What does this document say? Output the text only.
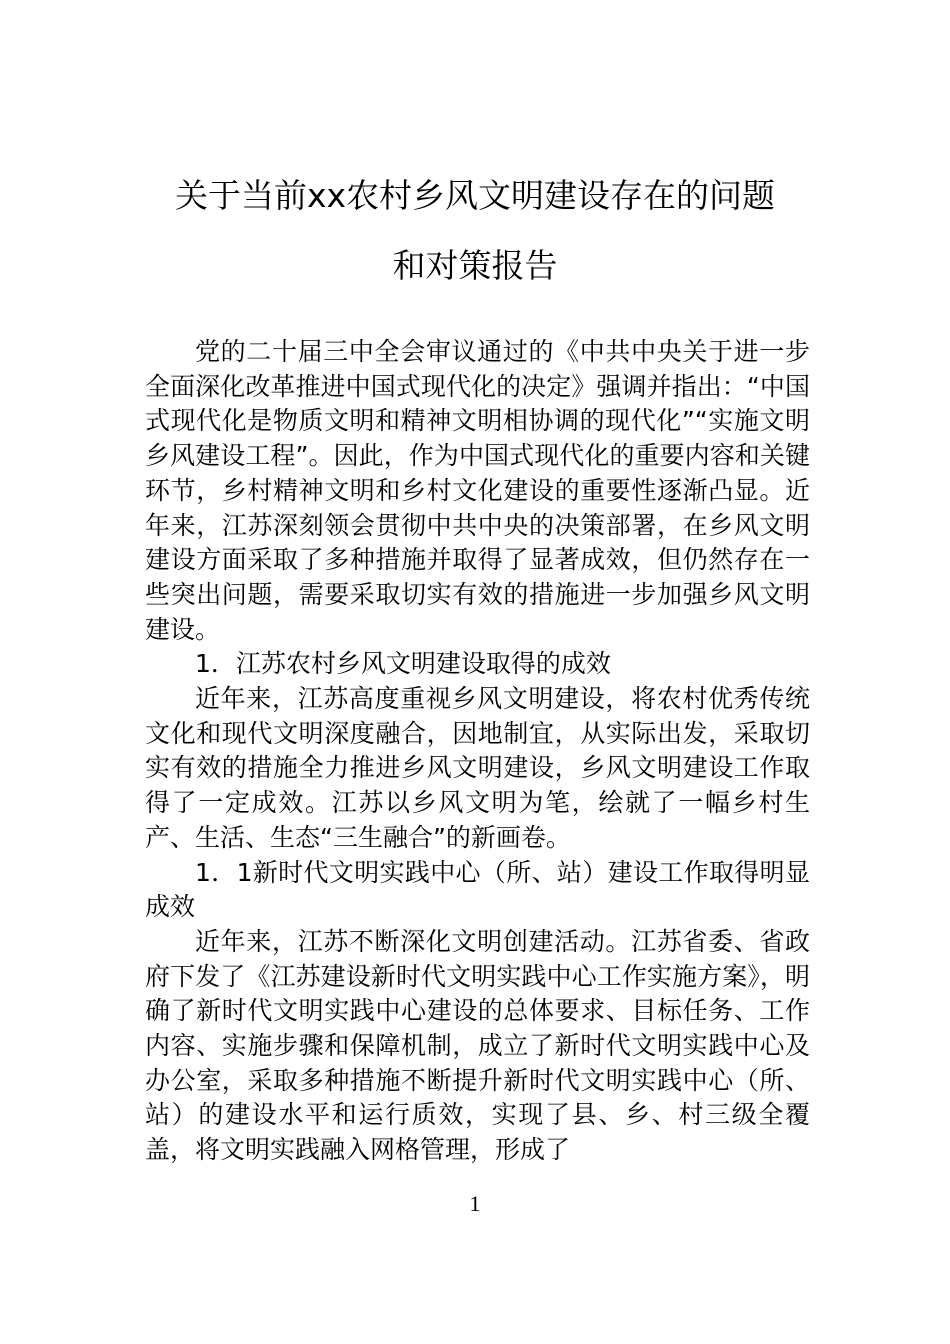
关于当前xx农村乡风文明建设存在的问题
和对策报告

党的二十届三中全会审议通过的《中共中央关于进一步全面深化改革推进中国式现代化的决定》强调并指出：“中国式现代化是物质文明和精神文明相协调的现代化”“实施文明乡风建设工程”。因此，作为中国式现代化的重要内容和关键环节，乡村精神文明和乡村文化建设的重要性逐渐凸显。近年来，江苏深刻领会贯彻中共中央的决策部署，在乡风文明建设方面采取了多种措施并取得了显著成效，但仍然存在一些突出问题，需要采取切实有效的措施进一步加强乡风文明建设。

1．江苏农村乡风文明建设取得的成效

近年来，江苏高度重视乡风文明建设，将农村优秀传统文化和现代文明深度融合，因地制宜，从实际出发，采取切实有效的措施全力推进乡风文明建设，乡风文明建设工作取得了一定成效。江苏以乡风文明为笔，绘就了一幅乡村生产、生活、生态“三生融合”的新画卷。

1．1新时代文明实践中心（所、站）建设工作取得明显成效

近年来，江苏不断深化文明创建活动。江苏省委、省政府下发了《江苏建设新时代文明实践中心工作实施方案》，明确了新时代文明实践中心建设的总体要求、目标任务、工作内容、实施步骤和保障机制，成立了新时代文明实践中心及办公室，采取多种措施不断提升新时代文明实践中心（所、站）的建设水平和运行质效，实现了县、乡、村三级全覆盖，将文明实践融入网格管理，形成了

1
